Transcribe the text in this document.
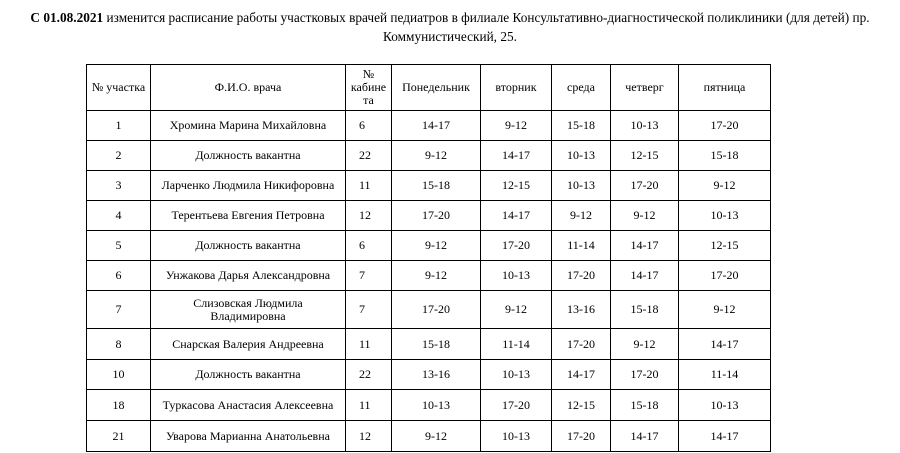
С 01.08.2021 изменится расписание работы участковых врачей педиатров в филиале Консультативно-диагностической поликлиники (для детей) пр.
Коммунистический, 25.
№ участка	Ф.И.О. врача	№ кабине та	Понедельник	вторник	среда	четверг	пятница
1	Хромина Марина Михайловна	6	14-17	9-12	15-18	10-13	17-20
2	Должность вакантна	22	9-12	14-17	10-13	12-15	15-18
3	Ларченко Людмила Никифоровна	11	15-18	12-15	10-13	17-20	9-12
4	Терентьева Евгения Петровна	12	17-20	14-17	9-12	9-12	10-13
5	Должность вакантна	6	9-12	17-20	11-14	14-17	12-15
6	Унжакова Дарья Александровна	7	9-12	10-13	17-20	14-17	17-20
7	Слизовская Людмила Владимировна	7	17-20	9-12	13-16	15-18	9-12
8	Снарская Валерия Андреевна	11	15-18	11-14	17-20	9-12	14-17
10	Должность вакантна	22	13-16	10-13	14-17	17-20	11-14
18	Туркасова Анастасия Алексеевна	11	10-13	17-20	12-15	15-18	10-13
21	Уварова Марианна Анатольевна	12	9-12	10-13	17-20	14-17	14-17
